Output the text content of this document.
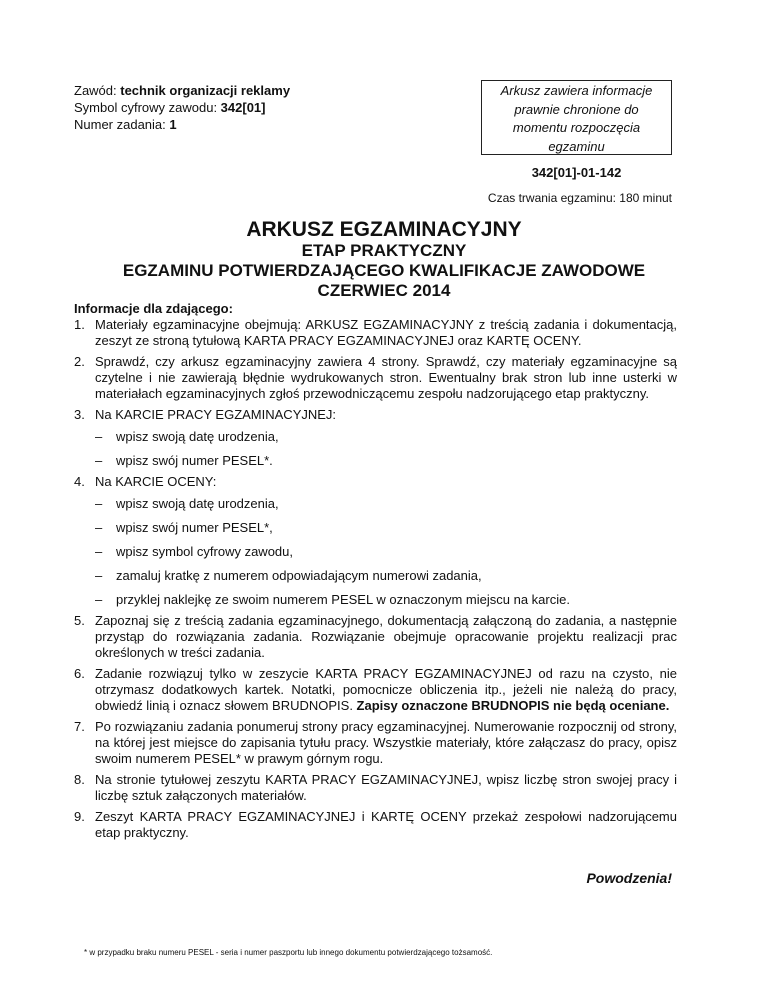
Zawód: technik organizacji reklamy
Symbol cyfrowy zawodu: 342[01]
Numer zadania: 1
Arkusz zawiera informacje
prawnie chronione do
momentu rozpoczęcia
egzaminu
342[01]-01-142
Czas trwania egzaminu: 180 minut
ARKUSZ EGZAMINACYJNY
ETAP PRAKTYCZNY
EGZAMINU POTWIERDZAJĄCEGO KWALIFIKACJE ZAWODOWE
CZERWIEC 2014
Informacje dla zdającego:
1. Materiały egzaminacyjne obejmują: ARKUSZ EGZAMINACYJNY z treścią zadania i dokumentacją, zeszyt ze stroną tytułową KARTA PRACY EGZAMINACYJNEJ oraz KARTĘ OCENY.
2. Sprawdź, czy arkusz egzaminacyjny zawiera 4 strony. Sprawdź, czy materiały egzaminacyjne są czytelne i nie zawierają błędnie wydrukowanych stron. Ewentualny brak stron lub inne usterki w materiałach egzaminacyjnych zgłoś przewodniczącemu zespołu nadzorującego etap praktyczny.
3. Na KARCIE PRACY EGZAMINACYJNEJ:
– wpisz swoją datę urodzenia,
– wpisz swój numer PESEL*.
4. Na KARCIE OCENY:
– wpisz swoją datę urodzenia,
– wpisz swój numer PESEL*,
– wpisz symbol cyfrowy zawodu,
– zamaluj kratkę z numerem odpowiadającym numerowi zadania,
– przyklej naklejkę ze swoim numerem PESEL w oznaczonym miejscu na karcie.
5. Zapoznaj się z treścią zadania egzaminacyjnego, dokumentacją załączoną do zadania, a następnie przystąp do rozwiązania zadania. Rozwiązanie obejmuje opracowanie projektu realizacji prac określonych w treści zadania.
6. Zadanie rozwiązuj tylko w zeszycie KARTA PRACY EGZAMINACYJNEJ od razu na czysto, nie otrzymasz dodatkowych kartek. Notatki, pomocnicze obliczenia itp., jeżeli nie należą do pracy, obwiedź linią i oznacz słowem BRUDNOPIS. Zapisy oznaczone BRUDNOPIS nie będą oceniane.
7. Po rozwiązaniu zadania ponumeruj strony pracy egzaminacyjnej. Numerowanie rozpocznij od strony, na której jest miejsce do zapisania tytułu pracy. Wszystkie materiały, które załączasz do pracy, opisz swoim numerem PESEL* w prawym górnym rogu.
8. Na stronie tytułowej zeszytu KARTA PRACY EGZAMINACYJNEJ, wpisz liczbę stron swojej pracy i liczbę sztuk załączonych materiałów.
9. Zeszyt KARTA PRACY EGZAMINACYJNEJ i KARTĘ OCENY przekaż zespołowi nadzorującemu etap praktyczny.
Powodzenia!
* w przypadku braku numeru PESEL - seria i numer paszportu lub innego dokumentu potwierdzającego tożsamość.
